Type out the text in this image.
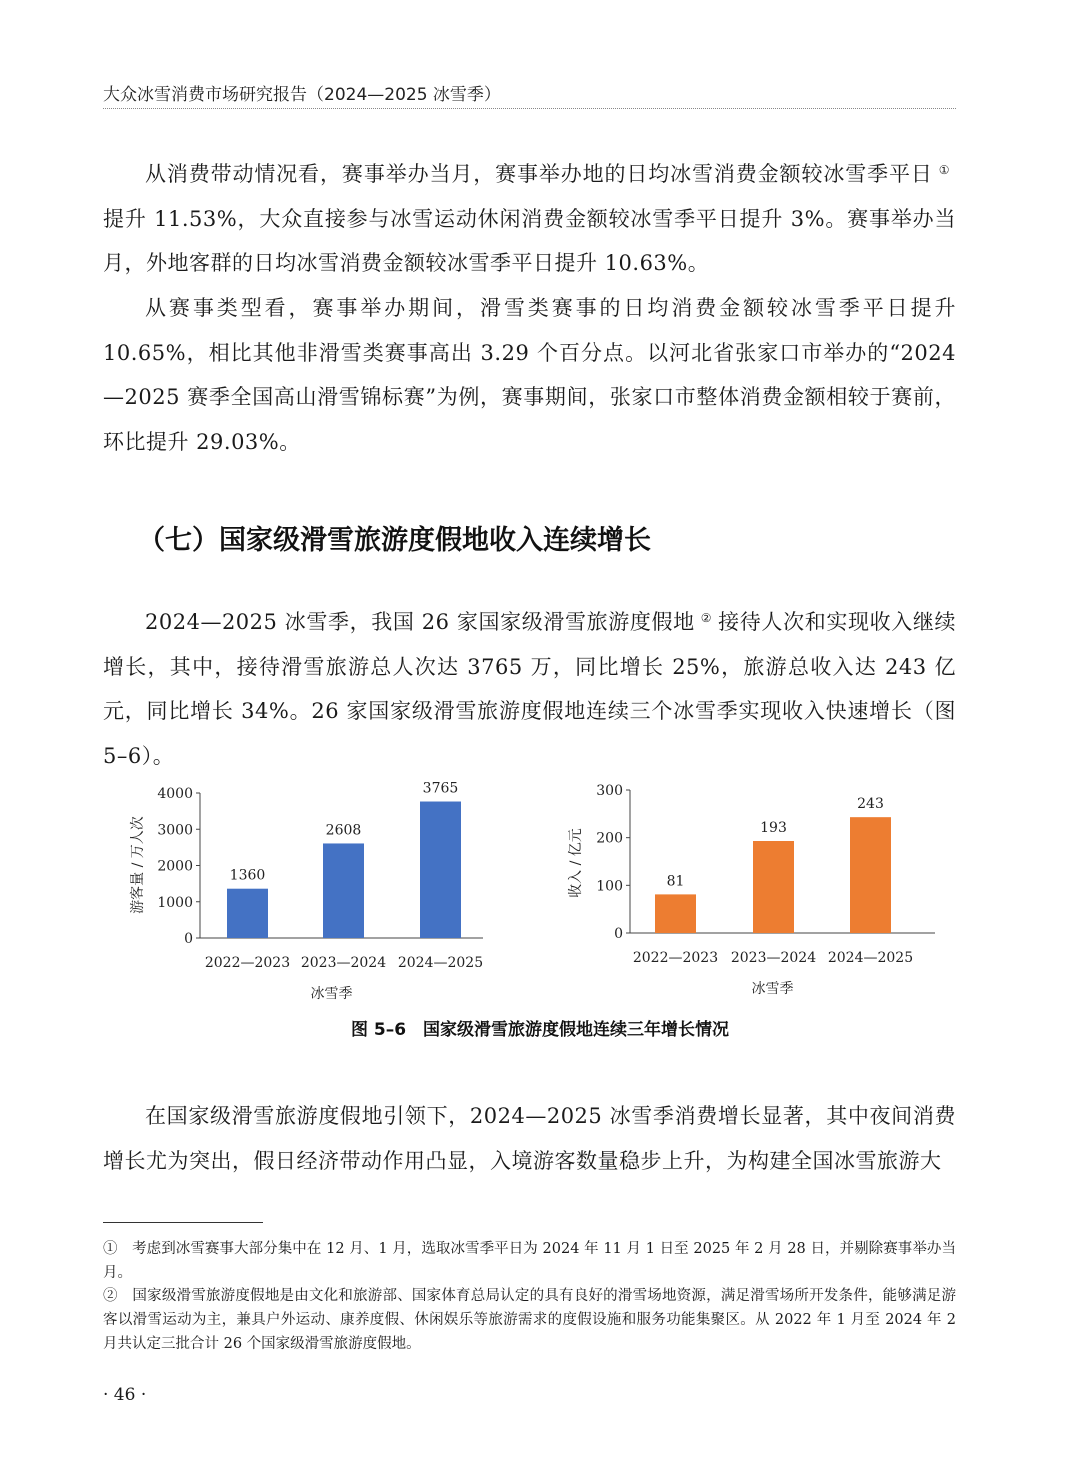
大众冰雪消费市场研究报告（2024—2025 冰雪季）

从消费带动情况看，赛事举办当月，赛事举办地的日均冰雪消费金额较冰雪季平日 ①提升 11.53%，大众直接参与冰雪运动休闲消费金额较冰雪季平日提升 3%。赛事举办当月，外地客群的日均冰雪消费金额较冰雪季平日提升 10.63%。

从赛事类型看，赛事举办期间，滑雪类赛事的日均消费金额较冰雪季平日提升 10.65%，相比其他非滑雪类赛事高出 3.29 个百分点。以河北省张家口市举办的“2024—2025 赛季全国高山滑雪锦标赛”为例，赛事期间，张家口市整体消费金额相较于赛前，环比提升 29.03%。

（七）国家级滑雪旅游度假地收入连续增长

2024—2025 冰雪季，我国 26 家国家级滑雪旅游度假地 ② 接待人次和实现收入继续增长，其中，接待滑雪旅游总人次达 3765 万，同比增长 25%，旅游总收入达 243 亿元，同比增长 34%。26 家国家级滑雪旅游度假地连续三个冰雪季实现收入快速增长（图 5–6）。

0
1000
2000
3000
4000
1360
2022—2023
2608
2023—2024
3765
2024—2025
冰雪季
游客量 / 万人次
0
100
200
300
81
2022—2023
193
2023—2024
243
2024—2025
冰雪季
收入 / 亿元
图 5–6　国家级滑雪旅游度假地连续三年增长情况

在国家级滑雪旅游度假地引领下，2024—2025 冰雪季消费增长显著，其中夜间消费增长尤为突出，假日经济带动作用凸显，入境游客数量稳步上升，为构建全国冰雪旅游大

①　考虑到冰雪赛事大部分集中在 12 月、1 月，选取冰雪季平日为 2024 年 11 月 1 日至 2025 年 2 月 28 日，并剔除赛事举办当月。

②　国家级滑雪旅游度假地是由文化和旅游部、国家体育总局认定的具有良好的滑雪场地资源，满足滑雪场所开发条件，能够满足游客以滑雪运动为主，兼具户外运动、康养度假、休闲娱乐等旅游需求的度假设施和服务功能集聚区。从 2022 年 1 月至 2024 年 2 月共认定三批合计 26 个国家级滑雪旅游度假地。

· 46 ·
